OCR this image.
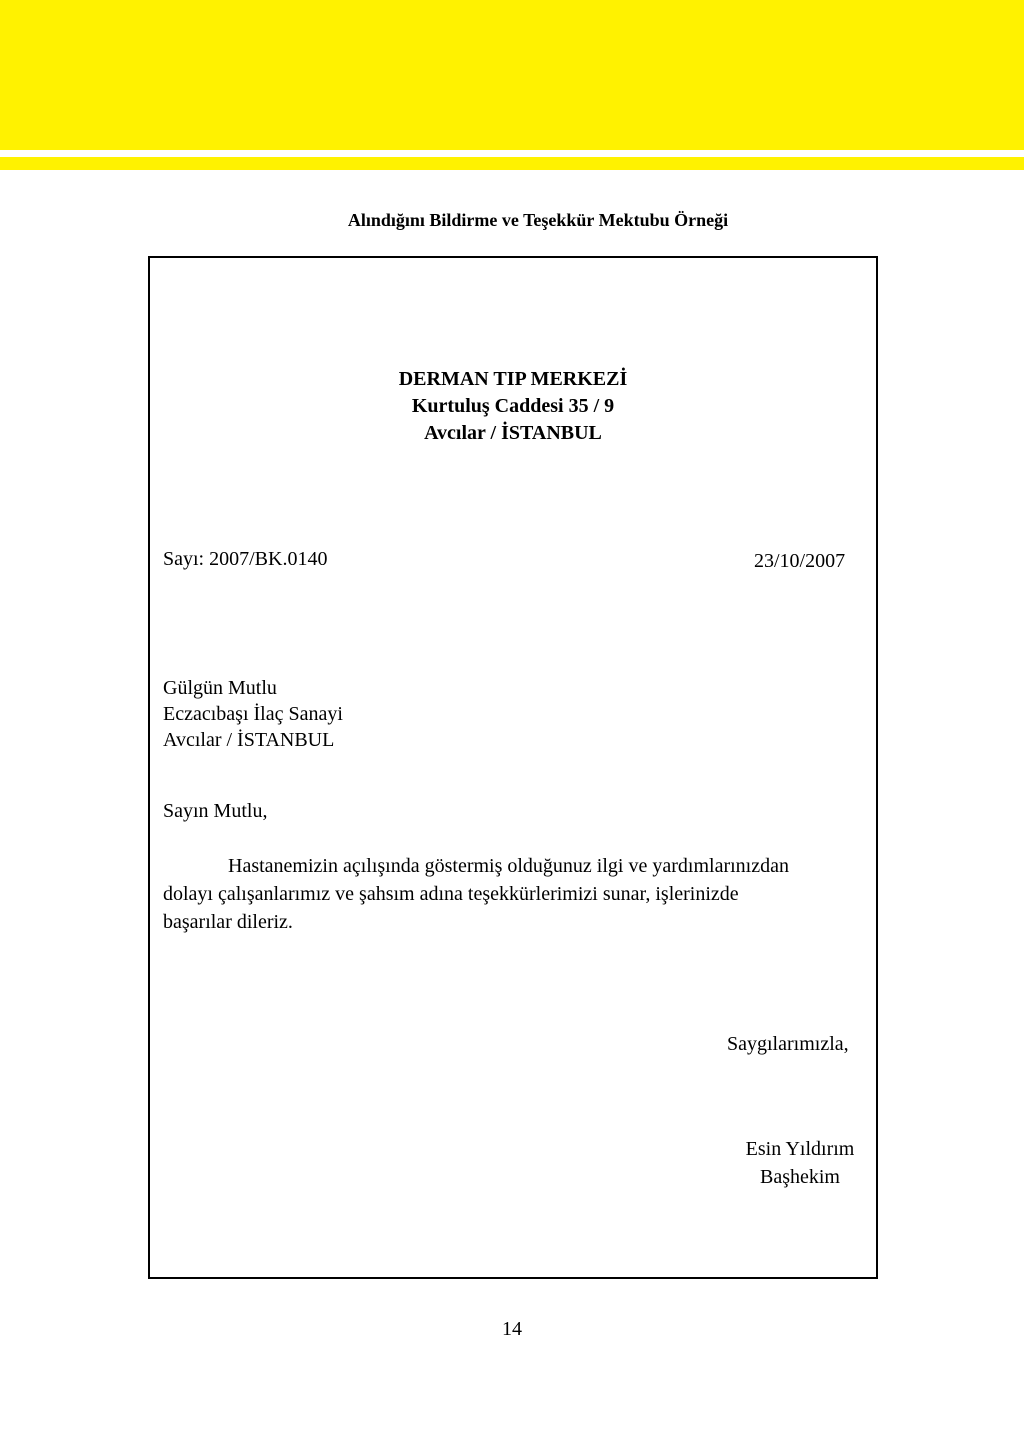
Alındığını Bildirme ve Teşekkür Mektubu Örneği
DERMAN TIP MERKEZİ
Kurtuluş Caddesi 35 / 9
Avcılar / İSTANBUL
Sayı: 2007/BK.0140	23/10/2007
Gülgün Mutlu
Eczacıbaşı İlaç Sanayi
Avcılar / İSTANBUL
Sayın Mutlu,
Hastanemizin açılışında göstermiş olduğunuz ilgi ve yardımlarınızdan
dolayı çalışanlarımız ve şahsım adına teşekkürlerimizi sunar, işlerinizde
başarılar dileriz.
Saygılarımızla,
Esin Yıldırım
Başhekim
14
